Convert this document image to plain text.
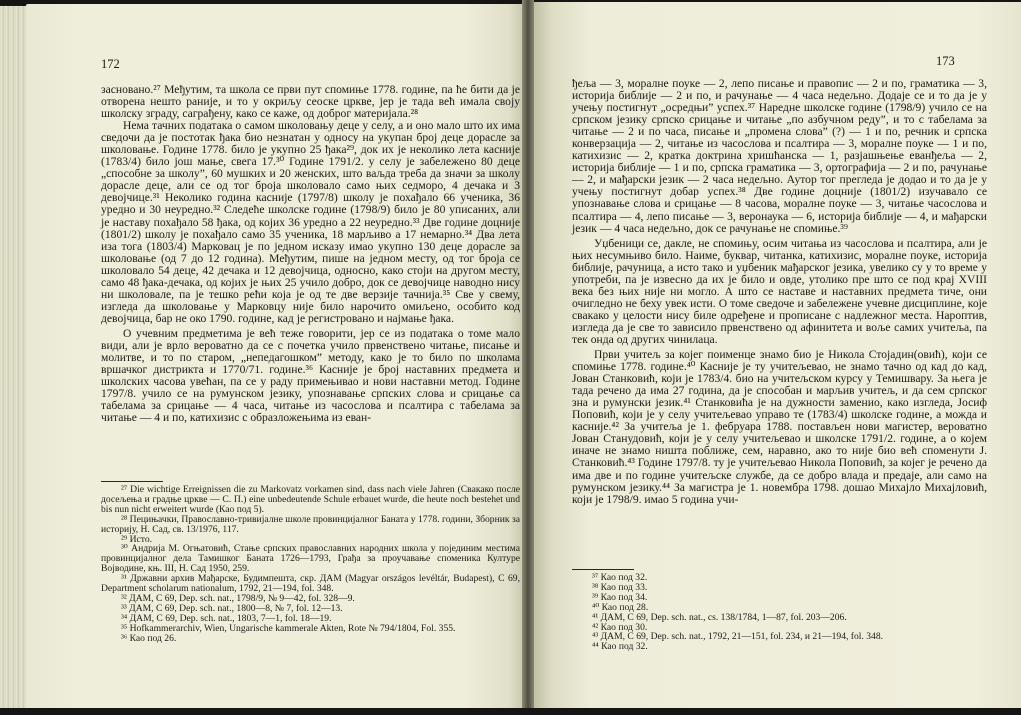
172

засновано.²⁷ Међутим, та школа се први пут спомиње 1778. године, па ће бити да је отворена нешто раније, и то у окриљу сеоске цркве, јер је тада већ имала своју школску зграду, саграђену, како се каже, од доброг материјала.²⁸

Нема тачних података о самом школовању деце у селу, а и оно мало што их има сведочи да је постотак ђака био незнатан у односу на укупан број деце дорасле за школовање. Године 1778. било је укупно 25 ђака²⁹, док их је неколико лета касније (1783/4) било још мање, свега 17.³⁰ Године 1791/2. у селу је забележено 80 деце „способне за школу”, 60 мушких и 20 женских, што ваљда треба да значи за школу дорасле деце, али се од тог броја школовало само њих седморо, 4 дечака и 3 девојчице.³¹ Неколико година касније (1797/8) школу је похађало 66 ученика, 36 уредно и 30 неуредно.³² Следеће школске године (1798/9) било је 80 уписаних, али је наставу похађало 58 ђака, од којих 36 уредно а 22 неуредно.³³ Две године доцније (1801/2) школу је похађало само 35 ученика, 18 марљиво а 17 немарно.³⁴ Два лета иза тога (1803/4) Марковац је по једном исказу имао укупно 130 деце дорасле за школовање (од 7 до 12 година). Међутим, пише на једном месту, од тог броја се школовало 54 деце, 42 дечака и 12 девојчица, односно, како стоји на другом месту, само 48 ђака-дечака, од којих је њих 25 учило добро, док се девојчице наводно нису ни школовале, па је тешко рећи која је од те две верзије тачнија.³⁵ Све у свему, изгледа да школовање у Марковцу није било нарочито омиљено, особито код девојчица, бар не око 1790. године, кад је регистровано и најмање ђака.

О учевним предметима је већ теже говорити, јер се из података о томе мало види, али је врло вероватно да се с почетка учило првенствено читање, писање и молитве, и то по старом, „непедагошком” методу, како је то било по школама вршачког дистрикта и 1770/71. године.³⁶ Касније је број наставних предмета и школских часова увећан, па се у раду примењивао и нови наставни метод. Године 1797/8. учило се на румунском језику, упознавање српских слова и срицање са табелама за срицање — 4 часа, читање из часослова и псалтира с табелама за читање — 4 и по, катихизис с образложењима из еван-

²⁷ Die wichtige Erreignissen die zu Markovatz vorkamen sind, dass nach viele Jahren (Свакако после досељења и градње цркве — С. П.) eine unbedeutende Schule erbauet wurde, die heute noch bestehet und bis nun nicht erweitert wurde (Као под 5).

²⁸ Пецињачки, Православно-тривијалне школе провинцијалног Баната у 1778. години, Зборник за историју, Н. Сад, св. 13/1976, 117.

²⁹ Исто.

³⁰ Андрија М. Огњатовић, Стање српских православних народних школа у појединим местима провинцијалног дела Тамишког Баната 1726—1793, Грађа за проучавање споменика Културе Војводине, књ. III, Н. Сад 1950, 259.

³¹ Државни архив Мађарске, Будимпешта, скр. ДАМ (Magyar országos levéltár, Budapest), C 69, Department scholarum nationalum, 1792, 21—194, fol. 348.

³² ДАМ, C 69, Dep. sch. nat., 1798/9, № 9—42, fol. 328—9.

³³ ДАМ, C 69, Dep. sch. nat., 1800—8, № 7, fol. 12—13.

³⁴ ДАМ, C 69, Dep. sch. nat., 1803, 7—1, fol. 18—19.

³⁵ Hofkammerarchiv, Wien, Ungarische kammerale Akten, Rote № 794/1804, Fol. 355.

³⁶ Као под 26.

173

ђеља — 3, моралне поуке — 2, лепо писање и правопис — 2 и по, граматика — 3, историја библије — 2 и по, и рачунање — 4 часа недељно. Додаје се и то да је у учењу постигнут „осредњи” успех.³⁷ Наредне школске године (1798/9) учило се на српском језику српско срицање и читање „по азбучном реду”, и то с табелама за читање — 2 и по часа, писање и „промена слова” (?) — 1 и по, речник и српска конверзација — 2, читање из часослова и псалтира — 3, моралне поуке — 1 и по, катихизис — 2, кратка доктрина хришћанска — 1, разјашњење еванђеља — 2, историја библије — 1 и по, српска граматика — 3, ортографија — 2 и по, рачунање — 2, и мађарски језик — 2 часа недељно. Аутор тог прегледа је додао и то да је у учењу постигнут добар успех.³⁸ Две године доцније (1801/2) изучавало се упознавање слова и срицање — 8 часова, моралне поуке — 3, читање часослова и псалтира — 4, лепо писање — 3, веронаука — 6, историја библије — 4, и мађарски језик — 4 часа недељно, док се рачунање не спомиње.³⁹

Уџбеници се, дакле, не спомињу, осим читања из часослова и псалтира, али је њих несумњиво било. Наиме, буквар, читанка, катихизис, моралне поуке, историја библије, рачуница, а исто тако и уџбеник мађарског језика, увелико су у то време у употреби, па је извесно да их је било и овде, утолико пре што се под крај XVIII века без њих није ни могло. А што се наставе и наставних предмета тиче, они очигледно не беху увек исти. О томе сведоче и забележене учевне дисциплине, које свакако у целости нису биле одређене и прописане с надлежног места. Нароптив, изгледа да је све то зависило првенствено од афинитета и воље самих учитеља, па тек онда од других чинилаца.

Први учитељ за којег поименце знамо био је Никола Стојадин(овић), који се спомиње 1778. године.⁴⁰ Касније је ту учитељевао, не знамо тачно од кад до кад, Јован Станковић, који је 1783/4. био на учитељском курсу у Темишвару. За њега је тада речено да има 27 година, да је способан и марљив учитељ, и да сем српског зна и румунски језик.⁴¹ Станковића је на дужности заменио, како изгледа, Јосиф Поповић, који је у селу учитељевао управо те (1783/4) школске године, а можда и касније.⁴² За учитеља је 1. фебруара 1788. постављен нови магистер, вероватно Јован Станудовић, који је у селу учитељевао и школске 1791/2. године, а о којем иначе не знамо ништа поближе, сем, наравно, ако то није био већ споменути Ј. Станковић.⁴³ Године 1797/8. ту је учитељевао Никола Поповић, за којег је речено да има две и по године учитељске службе, да се добро влада и предаје, али само на румунском језику.⁴⁴ За магистра је 1. новембра 1798. дошао Михајло Михајловић, који је 1798/9. имао 5 година учи-

³⁷ Као под 32.

³⁸ Као под 33.

³⁹ Као под 34.

⁴⁰ Као под 28.

⁴¹ ДАМ, C 69, Dep. sch. nat., cs. 138/1784, 1—87, fol. 203—206.

⁴² Као под 30.

⁴³ ДАМ, C 69, Dep. sch. nat., 1792, 21—151, fol. 234, и 21—194, fol. 348.

⁴⁴ Као под 32.
